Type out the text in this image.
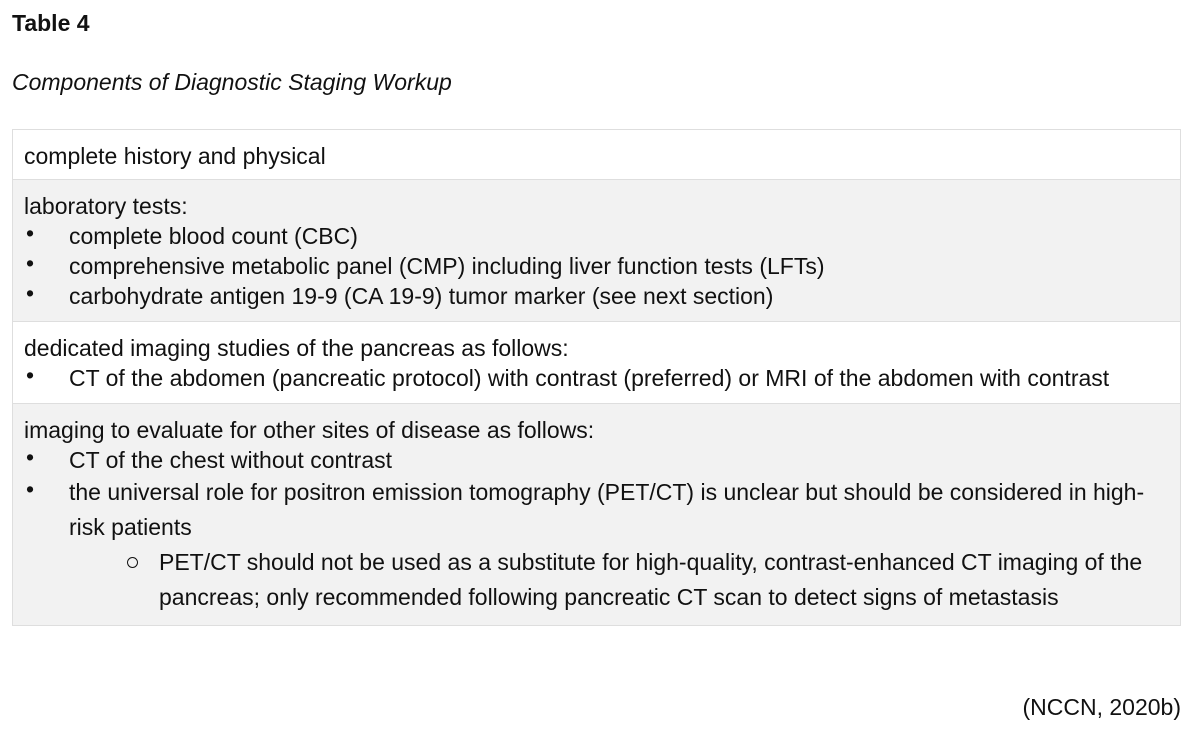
Table 4
Components of Diagnostic Staging Workup
complete history and physical
laboratory tests:
• complete blood count (CBC)
• comprehensive metabolic panel (CMP) including liver function tests (LFTs)
• carbohydrate antigen 19-9 (CA 19-9) tumor marker (see next section)
dedicated imaging studies of the pancreas as follows:
• CT of the abdomen (pancreatic protocol) with contrast (preferred) or MRI of the abdomen with contrast
imaging to evaluate for other sites of disease as follows:
• CT of the chest without contrast
• the universal role for positron emission tomography (PET/CT) is unclear but should be considered in high-risk patients
PET/CT should not be used as a substitute for high-quality, contrast-enhanced CT imaging of the pancreas; only recommended following pancreatic CT scan to detect signs of metastasis
(NCCN, 2020b)
